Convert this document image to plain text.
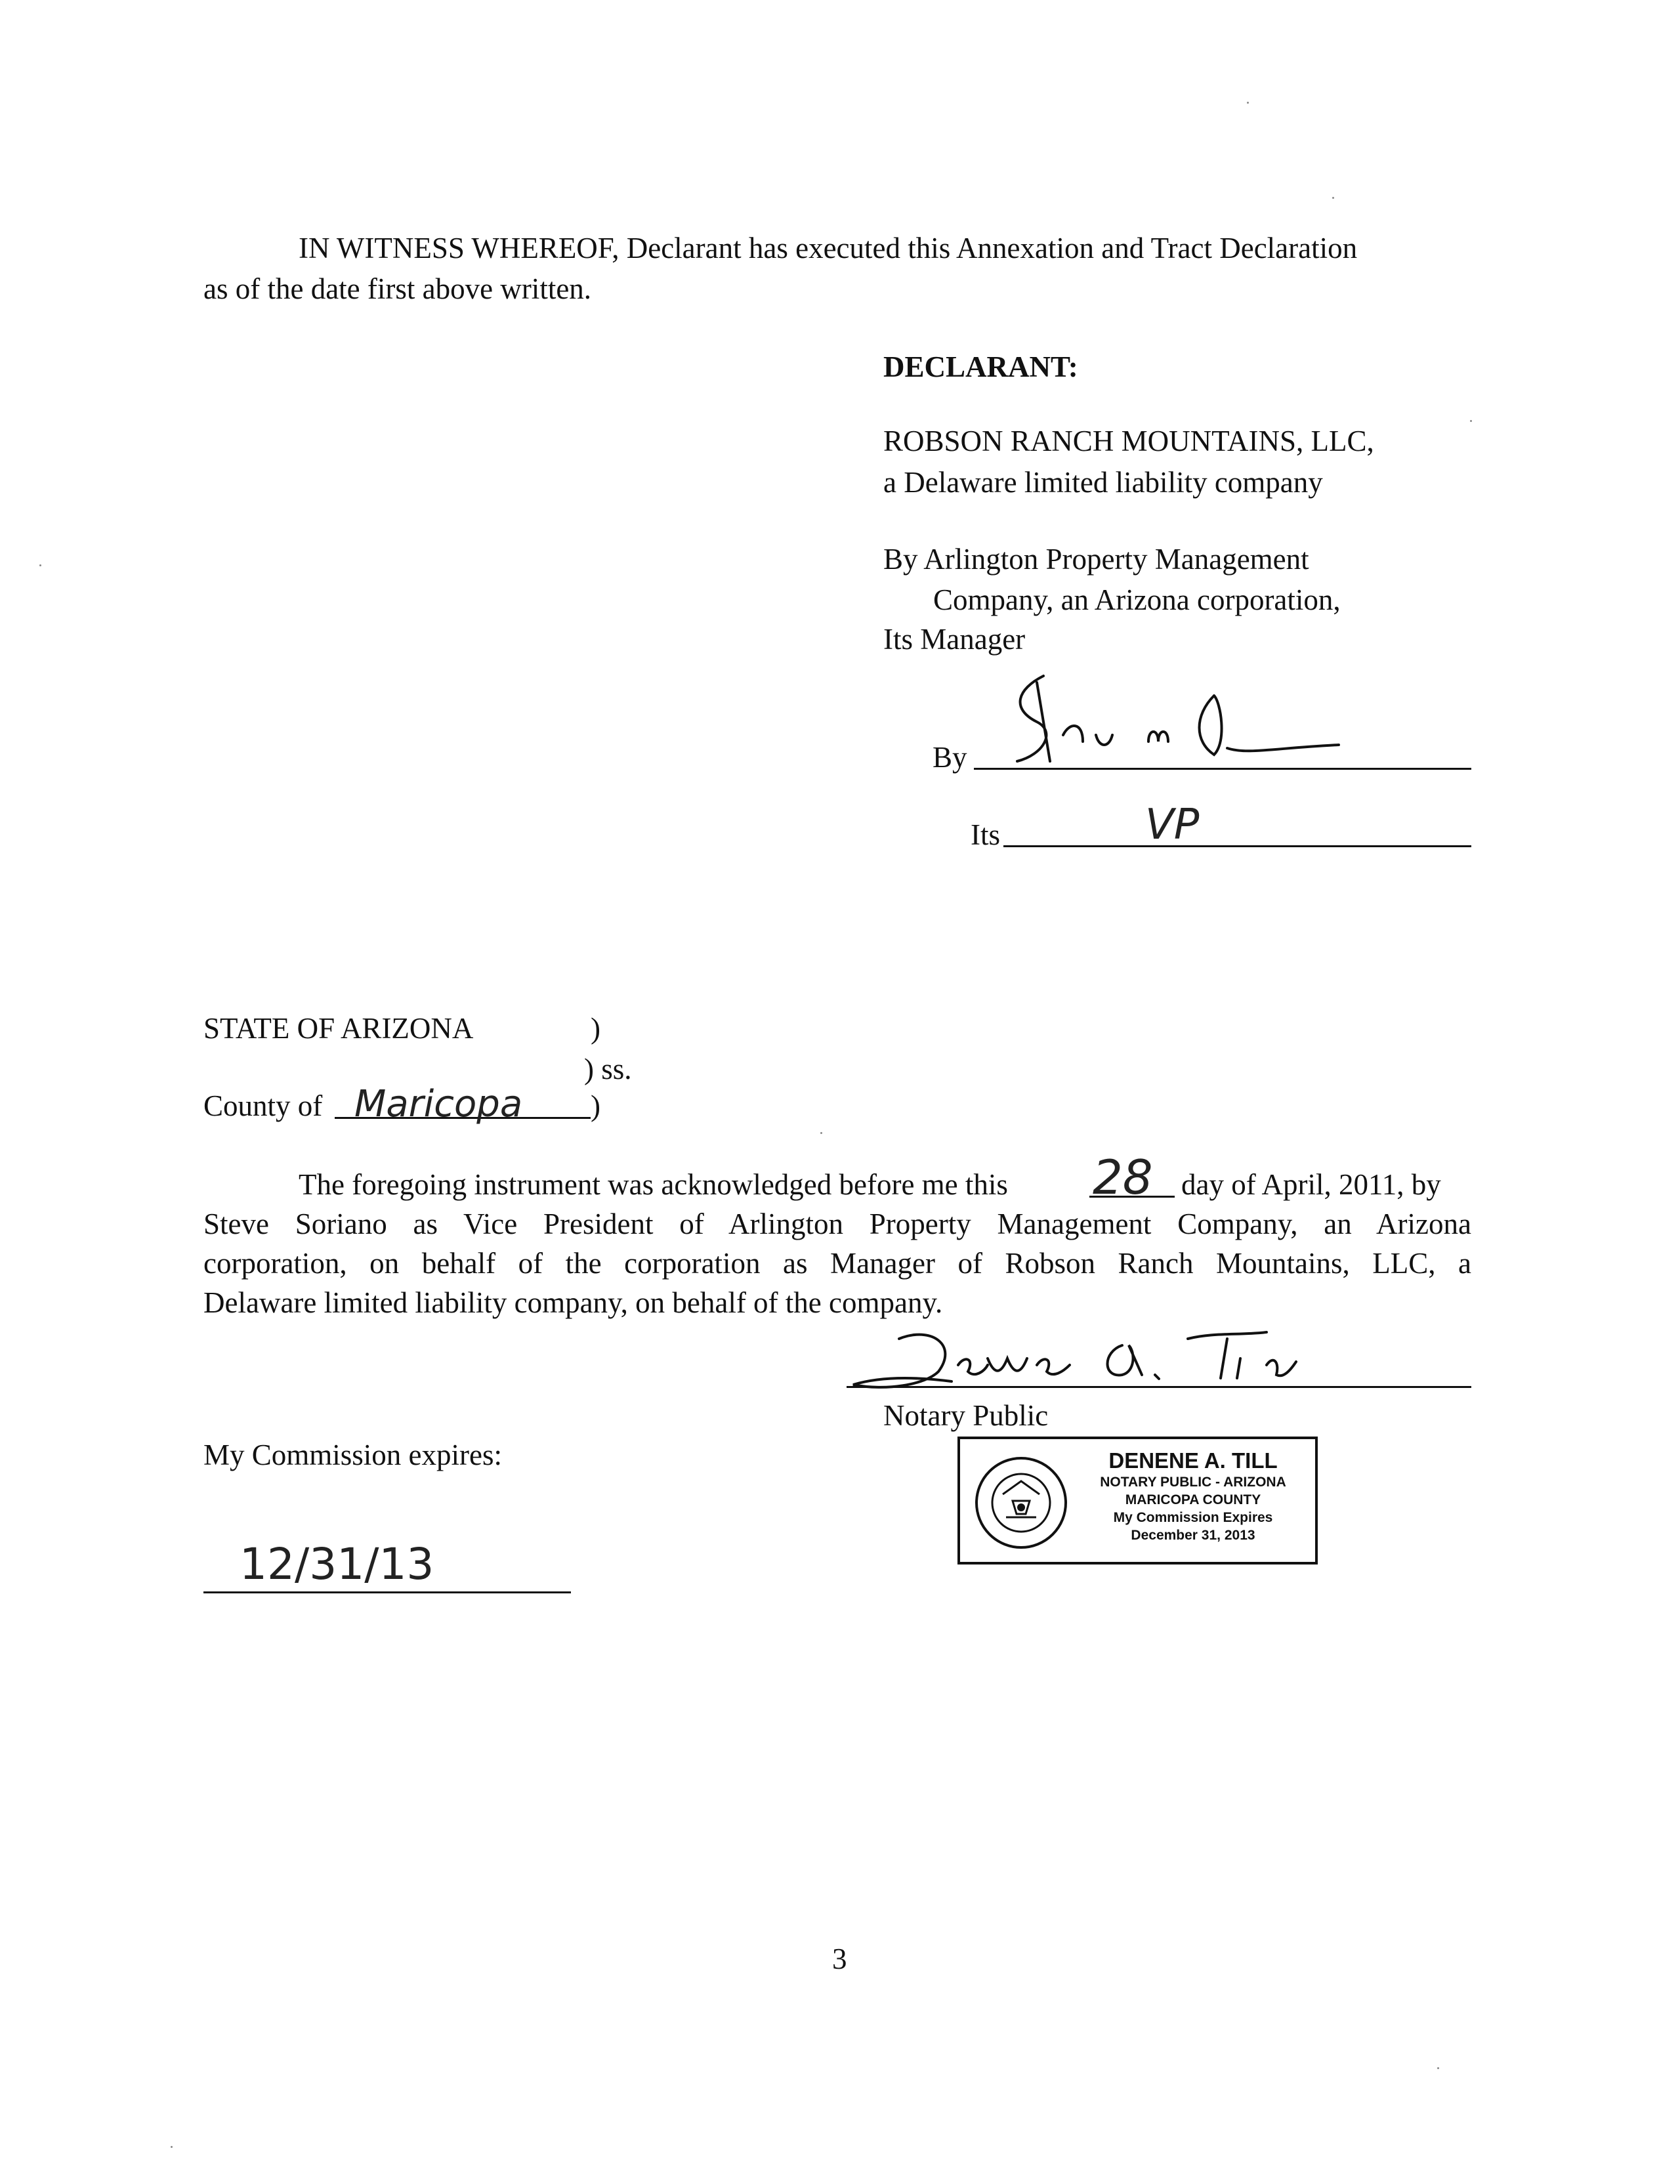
IN WITNESS WHEREOF, Declarant has executed this Annexation and Tract Declaration
as of the date first above written.
DECLARANT:
ROBSON RANCH MOUNTAINS, LLC,
a Delaware limited liability company
By Arlington Property Management
Company, an Arizona corporation,
Its Manager
By
Its	VP
STATE OF ARIZONA	)
) ss.
County of Maricopa )
The foregoing instrument was acknowledged before me this 28 day of April, 2011, by
Steve Soriano as Vice President of Arlington Property Management Company, an Arizona
corporation, on behalf of the corporation as Manager of Robson Ranch Mountains, LLC, a
Delaware limited liability company, on behalf of the company.
Notary Public
My Commission expires:
12/31/13
DENENE A. TILL
NOTARY PUBLIC - ARIZONA
MARICOPA COUNTY
My Commission Expires
December 31, 2013
3
